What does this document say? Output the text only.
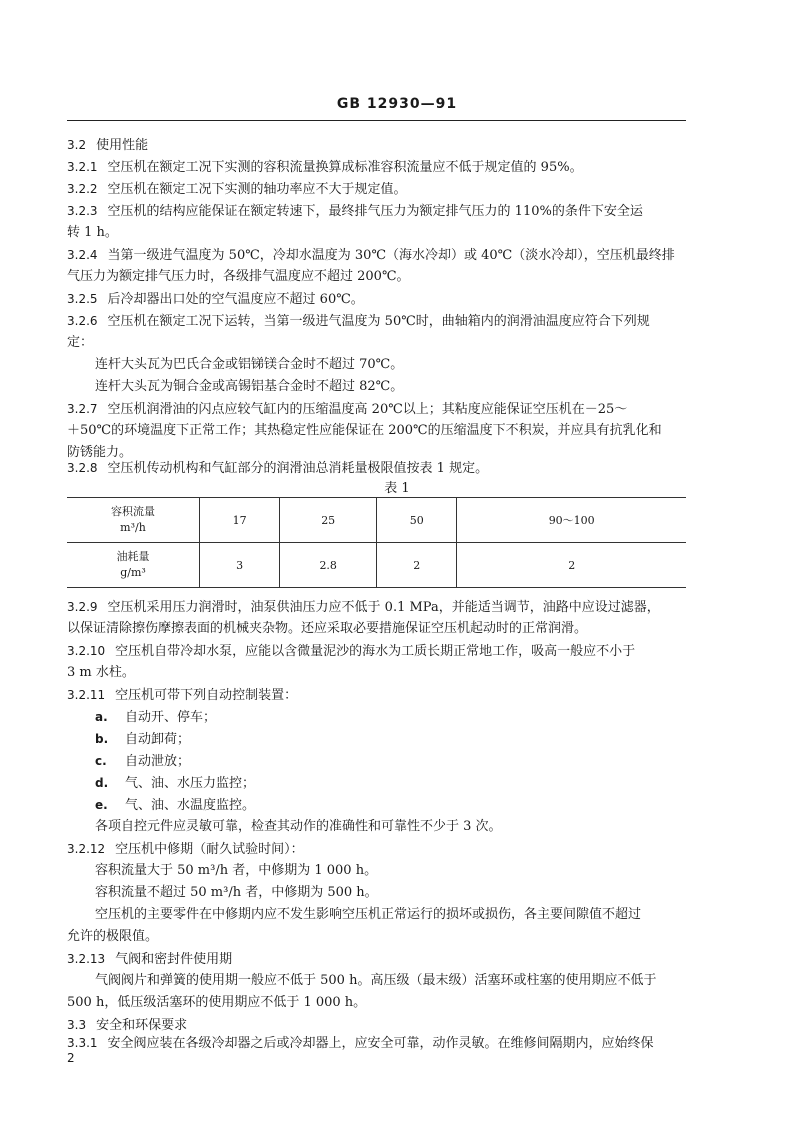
GB 12930—91
3.2 使用性能
3.2.1 空压机在额定工况下实测的容积流量换算成标准容积流量应不低于规定值的 95%。
3.2.2 空压机在额定工况下实测的轴功率应不大于规定值。
3.2.3 空压机的结构应能保证在额定转速下，最终排气压力为额定排气压力的 110%的条件下安全运
转 1 h。
3.2.4 当第一级进气温度为 50℃，冷却水温度为 30℃（海水冷却）或 40℃（淡水冷却），空压机最终排
气压力为额定排气压力时，各级排气温度应不超过 200℃。
3.2.5 后冷却器出口处的空气温度应不超过 60℃。
3.2.6 空压机在额定工况下运转，当第一级进气温度为 50℃时，曲轴箱内的润滑油温度应符合下列规
定：
连杆大头瓦为巴氏合金或铝锑镁合金时不超过 70℃。
连杆大头瓦为铜合金或高锡铝基合金时不超过 82℃。
3.2.7 空压机润滑油的闪点应较气缸内的压缩温度高 20℃以上；其粘度应能保证空压机在－25～
＋50℃的环境温度下正常工作；其热稳定性应能保证在 200℃的压缩温度下不积炭，并应具有抗乳化和
防锈能力。
3.2.8 空压机传动机构和气缸部分的润滑油总消耗量极限值按表 1 规定。
表 1
容积流量
m³/h	17	25	50	90～100

油耗量
g/m³	3	2.8	2	2
3.2.9 空压机采用压力润滑时，油泵供油压力应不低于 0.1 MPa，并能适当调节，油路中应设过滤器，
以保证清除擦伤摩擦表面的机械夹杂物。还应采取必要措施保证空压机起动时的正常润滑。
3.2.10 空压机自带冷却水泵，应能以含微量泥沙的海水为工质长期正常地工作，吸高一般应不小于
3 m 水柱。
3.2.11 空压机可带下列自动控制装置：
a. 自动开、停车；
b. 自动卸荷；
c. 自动泄放；
d. 气、油、水压力监控；
e. 气、油、水温度监控。
各项自控元件应灵敏可靠，检查其动作的准确性和可靠性不少于 3 次。
3.2.12 空压机中修期（耐久试验时间）：
容积流量大于 50 m³/h 者，中修期为 1 000 h。
容积流量不超过 50 m³/h 者，中修期为 500 h。
空压机的主要零件在中修期内应不发生影响空压机正常运行的损坏或损伤，各主要间隙值不超过
允许的极限值。
3.2.13 气阀和密封件使用期
气阀阀片和弹簧的使用期一般应不低于 500 h。高压级（最末级）活塞环或柱塞的使用期应不低于
500 h，低压级活塞环的使用期应不低于 1 000 h。
3.3 安全和环保要求
3.3.1 安全阀应装在各级冷却器之后或冷却器上，应安全可靠，动作灵敏。在维修间隔期内，应始终保
2
